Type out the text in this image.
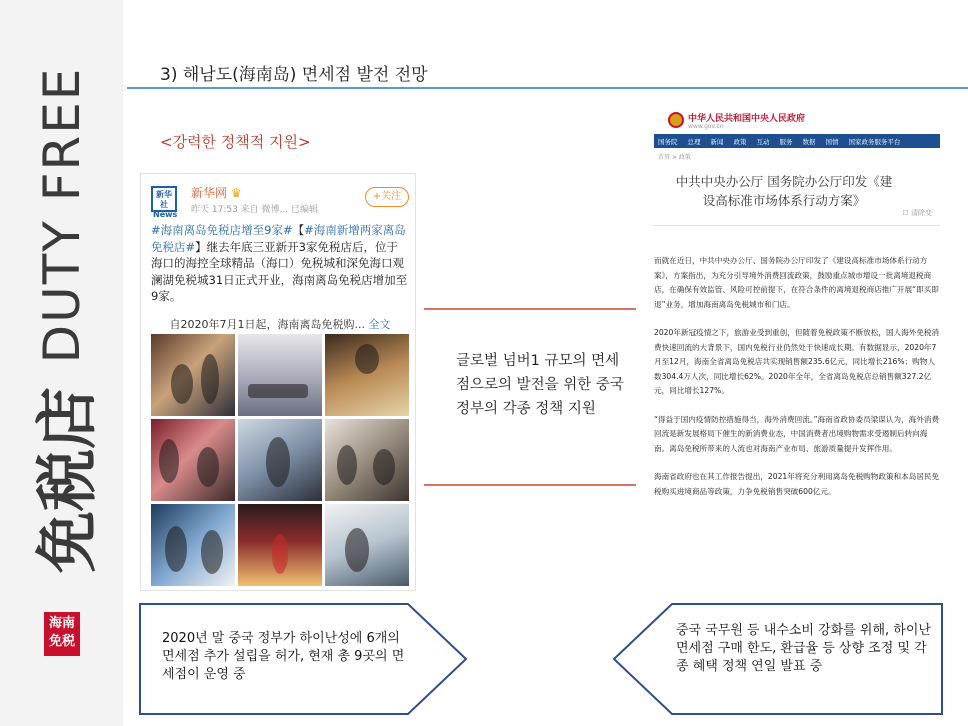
DUTY FREE
免税店
海南
免税
3) 해남도(海南岛) 면세점 발전 전망
<강력한 정책적 지원>
新华社 News
新华网 ♛
昨天 17:53 来自 微博... 已编辑
+关注
#海南离岛免税店增至9家#【#海南新增两家离岛免税店#】继去年底三亚新开3家免税店后，位于海口的海控全球精品（海口）免税城和深免海口观澜湖免税城31日正式开业，海南离岛免税店增加至9家。
自2020年7月1日起，海南离岛免税购... 全文
글로벌 넘버1 규모의 면세점으로의 발전을 위한 중국정부의 각종 정책 지원
中华人民共和国中央人民政府
www.gov.cn
国务院 总理 新闻 政策 互动 服务 数据 国情 国家政务服务平台
首页 > 政策
中共中央办公厅 国务院办公厅印发《建设高标准市场体系行动方案》
☐ 清除变

而就在近日，中共中央办公厅、国务院办公厅印发了《建设高标准市场体系行动方案》，方案指出，为充分引导境外消费回流政策，鼓励重点城市增设一批离境退税商店，在确保有效监管、风险可控前提下，在符合条件的离境退税商店推广开展“即买即退”业务，增加海南离岛免税城市和门店。

2020年新冠疫情之下，旅游业受到重创，但随着免税政策不断放松，国人海外免税消费快速回流的大背景下，国内免税行业仍然处于快速成长期。有数据显示，2020年7月至12月，海南全省离岛免税店共实现销售额235.6亿元，同比增长216%；购物人数304.4万人次，同比增长62%。2020年全年，全省离岛免税店总销售额327.2亿元，同比增长127%。

“得益于国内疫情防控措施得当，海外消费回流。”海南省政协委员梁谋认为，海外消费回流是新发展格局下催生的新消费业态，中国消费者出境购物需求受遏制后转向海南。离岛免税所带来的人流也对海南产业布局、旅游质量提升发挥作用。

海南省政府也在其工作报告提出，2021年将充分利用离岛免税购物政策和本岛居民免税购买进境商品等政策，力争免税销售突破600亿元。

2020년 말 중국 정부가 하이난성에 6개의 면세점 추가 설립을 허가, 현재 총 9곳의 면세점이 운영 중
중국 국무원 등 내수소비 강화를 위해, 하이난 면세점 구매 한도, 환급율 등 상향 조정 및 각 종 혜택 정책 연일 발표 중
